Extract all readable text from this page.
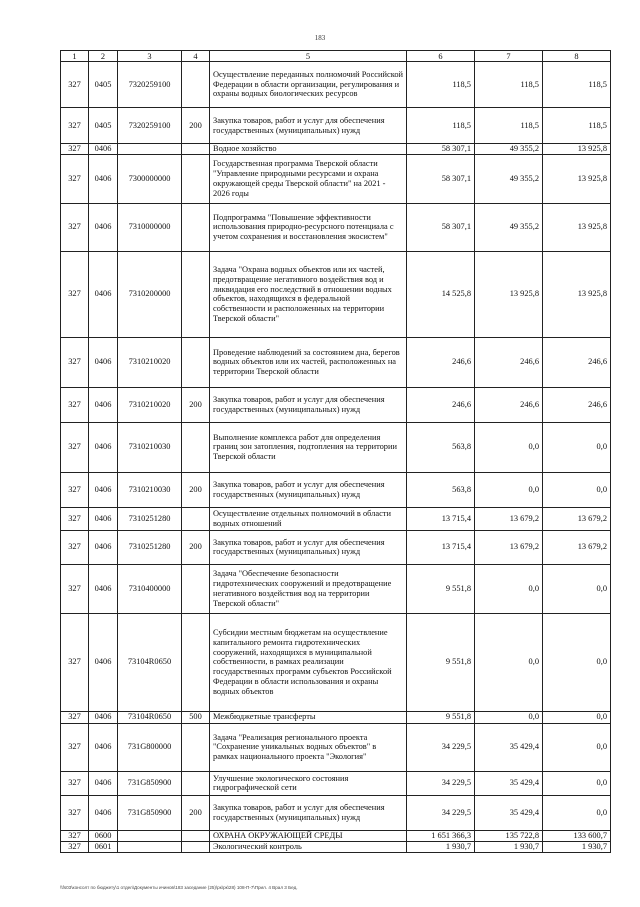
183
1	2	3	4	5	6	7	8
327	0405	7320259100		Осуществление переданных полномочий Российской Федерации в области организации, регулирования и охраны водных биологических ресурсов	118,5	118,5	118,5
327	0405	7320259100	200	Закупка товаров, работ и услуг для обеспечения государственных (муниципальных) нужд	118,5	118,5	118,5
327	0406			Водное хозяйство	58 307,1	49 355,2	13 925,8
327	0406	7300000000		Государственная программа Тверской области "Управление природными ресурсами и охрана окружающей среды Тверской области" на 2021 - 2026 годы	58 307,1	49 355,2	13 925,8
327	0406	7310000000		Подпрограмма "Повышение эффективности использования природно-ресурсного потенциала с учетом сохранения и восстановления экосистем"	58 307,1	49 355,2	13 925,8
327	0406	7310200000		Задача "Охрана водных объектов или их частей, предотвращение негативного воздействия вод и ликвидация его последствий в отношении водных объектов, находящихся в федеральной собственности и расположенных на территории Тверской области"	14 525,8	13 925,8	13 925,8
327	0406	7310210020		Проведение наблюдений за состоянием дна, берегов водных объектов или их частей, расположенных на территории Тверской области	246,6	246,6	246,6
327	0406	7310210020	200	Закупка товаров, работ и услуг для обеспечения государственных (муниципальных) нужд	246,6	246,6	246,6
327	0406	7310210030		Выполнение комплекса работ для определения границ зон затопления, подтопления на территории Тверской области	563,8	0,0	0,0
327	0406	7310210030	200	Закупка товаров, работ и услуг для обеспечения государственных (муниципальных) нужд	563,8	0,0	0,0
327	0406	7310251280		Осуществление отдельных полномочий в области водных отношений	13 715,4	13 679,2	13 679,2
327	0406	7310251280	200	Закупка товаров, работ и услуг для обеспечения государственных (муниципальных) нужд	13 715,4	13 679,2	13 679,2
327	0406	7310400000		Задача "Обеспечение безопасности гидротехнических сооружений и предотвращение негативного воздействия вод на территории Тверской области"	9 551,8	0,0	0,0
327	0406	73104R0650		Субсидии местным бюджетам на осуществление капитального ремонта гидротехнических сооружений, находящихся в муниципальной собственности, в рамках реализации государственных программ субъектов Российской Федерации в области использования и охраны водных объектов	9 551,8	0,0	0,0
327	0406	73104R0650	500	Межбюджетные трансферты	9 551,8	0,0	0,0
327	0406	731G800000		Задача "Реализация регионального проекта "Сохранение уникальных водных объектов" в рамках национального проекта "Экология"	34 229,5	35 429,4	0,0
327	0406	731G850900		Улучшение экологического состояния гидрографической сети	34 229,5	35 429,4	0,0
327	0406	731G850900	200	Закупка товаров, работ и услуг для обеспечения государственных (муниципальных) нужд	34 229,5	35 429,4	0,0
327	0600			ОХРАНА ОКРУЖАЮЩЕЙ СРЕДЫ	1 651 366,3	135 722,8	133 600,7
327	0601			Экологический контроль	1 930,7	1 930,7	1 930,7
\\fs03\консолт по бюджету\1 отдел\Документы ичинов\183 заседание (25)\рк\рк\28) 108-П-7\Прил. 4 Врал 3 Бед.
